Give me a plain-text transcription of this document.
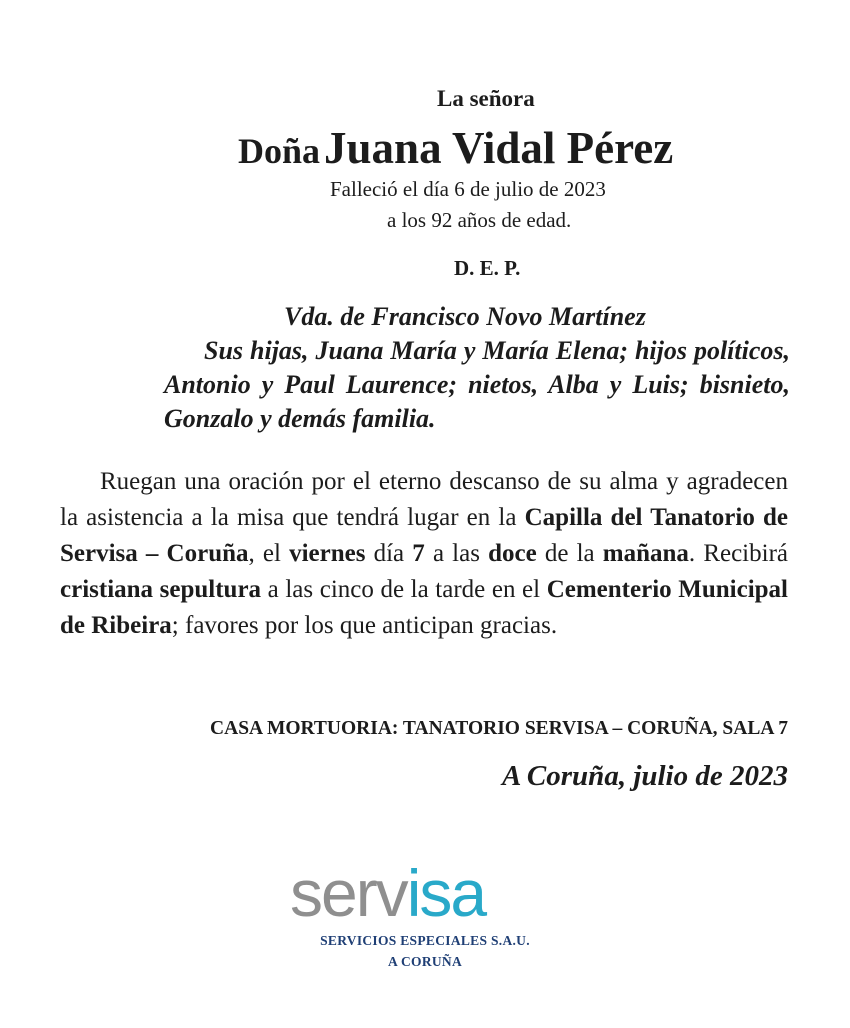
La señora
Doña Juana Vidal Pérez
Falleció el día 6 de julio de 2023
a los 92 años de edad.
D. E. P.
Vda. de Francisco Novo Martínez
Sus hijas, Juana María y María Elena; hijos políticos, Antonio y Paul Laurence; nietos, Alba y Luis; bisnieto, Gonzalo y demás familia.
Ruegan una oración por el eterno descanso de su alma y agradecen la asistencia a la misa que tendrá lugar en la Capilla del Tanatorio de Servisa – Coruña, el viernes día 7 a las doce de la mañana. Recibirá cristiana sepultura a las cinco de la tarde en el Cementerio Municipal de Ribeira; favores por los que anticipan gracias.
CASA MORTUORIA: TANATORIO SERVISA – CORUÑA, SALA 7
A Coruña, julio de 2023
servisa
SERVICIOS ESPECIALES S.A.U.
A CORUÑA
